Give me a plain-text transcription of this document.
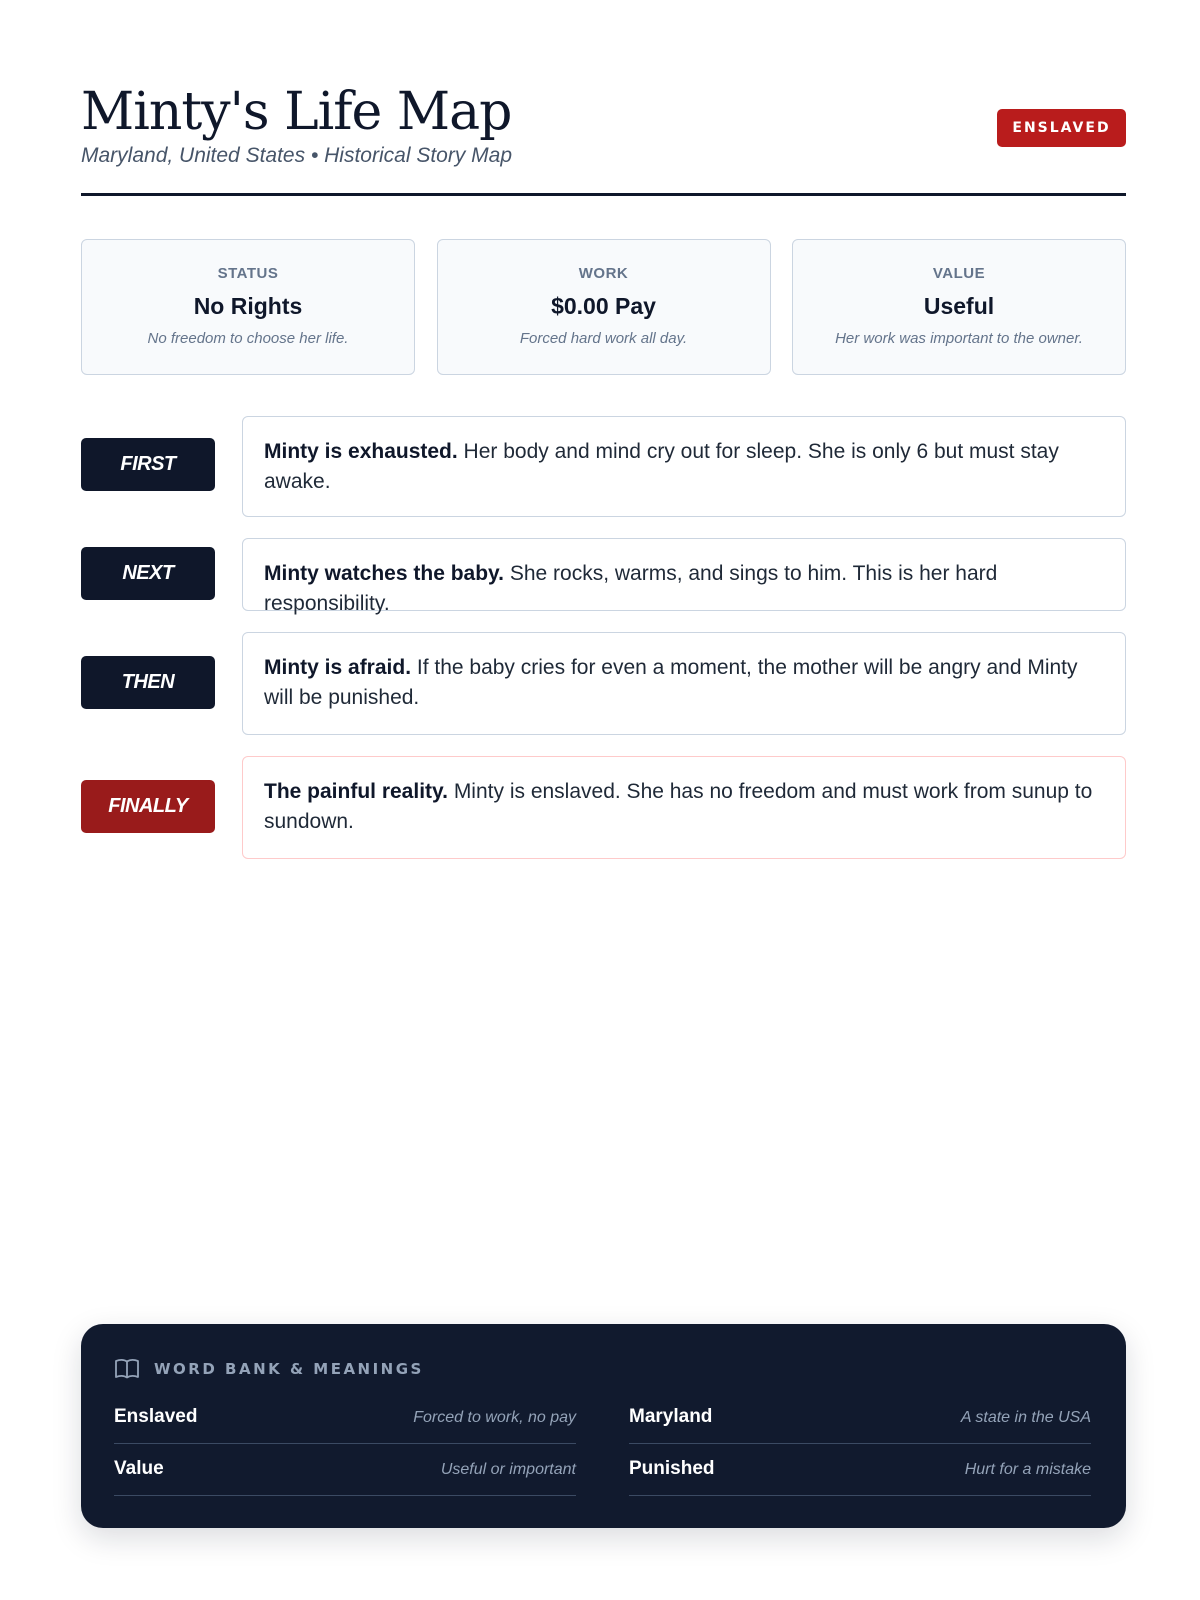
Minty's Life Map
Maryland, United States • Historical Story Map
ENSLAVED
STATUS
No Rights
No freedom to choose her life.
WORK
$0.00 Pay
Forced hard work all day.
VALUE
Useful
Her work was important to the owner.
FIRST
Minty is exhausted. Her body and mind cry out for sleep. She is only 6 but must stay awake.
NEXT	Minty watches the baby. She rocks, warms, and sings to him. This is her hard responsibility.
THEN
Minty is afraid. If the baby cries for even a moment, the mother will be angry and Minty will be punished.
FINALLY
The painful reality. Minty is enslaved. She has no freedom and must work from sunup to sundown.
WORD BANK & MEANINGS
Enslaved	Forced to work, no pay	Maryland	A state in the USA
Value	Useful or important	Punished	Hurt for a mistake
